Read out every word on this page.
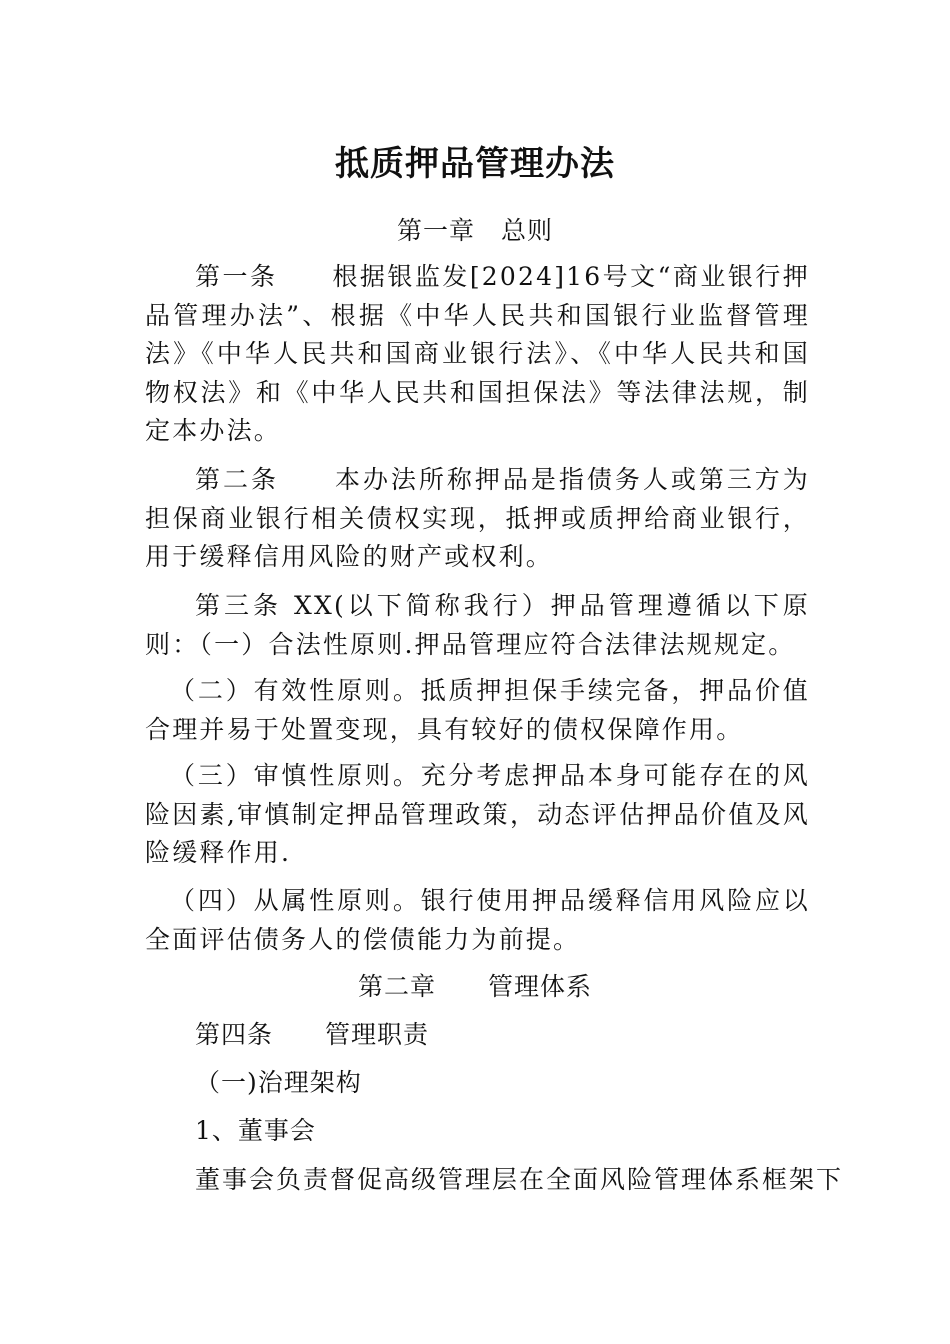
抵质押品管理办法
第一章　总则
第一条　　根据银监发[2024]16号文“商业银行押品管理办法”、根据《中华人民共和国银行业监督管理法》《中华人民共和国商业银行法》、《中华人民共和国物权法》和《中华人民共和国担保法》等法律法规，制定本办法。
第二条　　本办法所称押品是指债务人或第三方为担保商业银行相关债权实现，抵押或质押给商业银行，用于缓释信用风险的财产或权利。
第三条 XX(以下简称我行）押品管理遵循以下原则：（一）合法性原则.押品管理应符合法律法规规定。
（二）有效性原则。抵质押担保手续完备，押品价值合理并易于处置变现，具有较好的债权保障作用。
（三）审慎性原则。充分考虑押品本身可能存在的风险因素,审慎制定押品管理政策，动态评估押品价值及风险缓释作用.
（四）从属性原则。银行使用押品缓释信用风险应以全面评估债务人的偿债能力为前提。
第二章　　管理体系
第四条　　管理职责
（一)治理架构
1、董事会
董事会负责督促高级管理层在全面风险管理体系框架下
